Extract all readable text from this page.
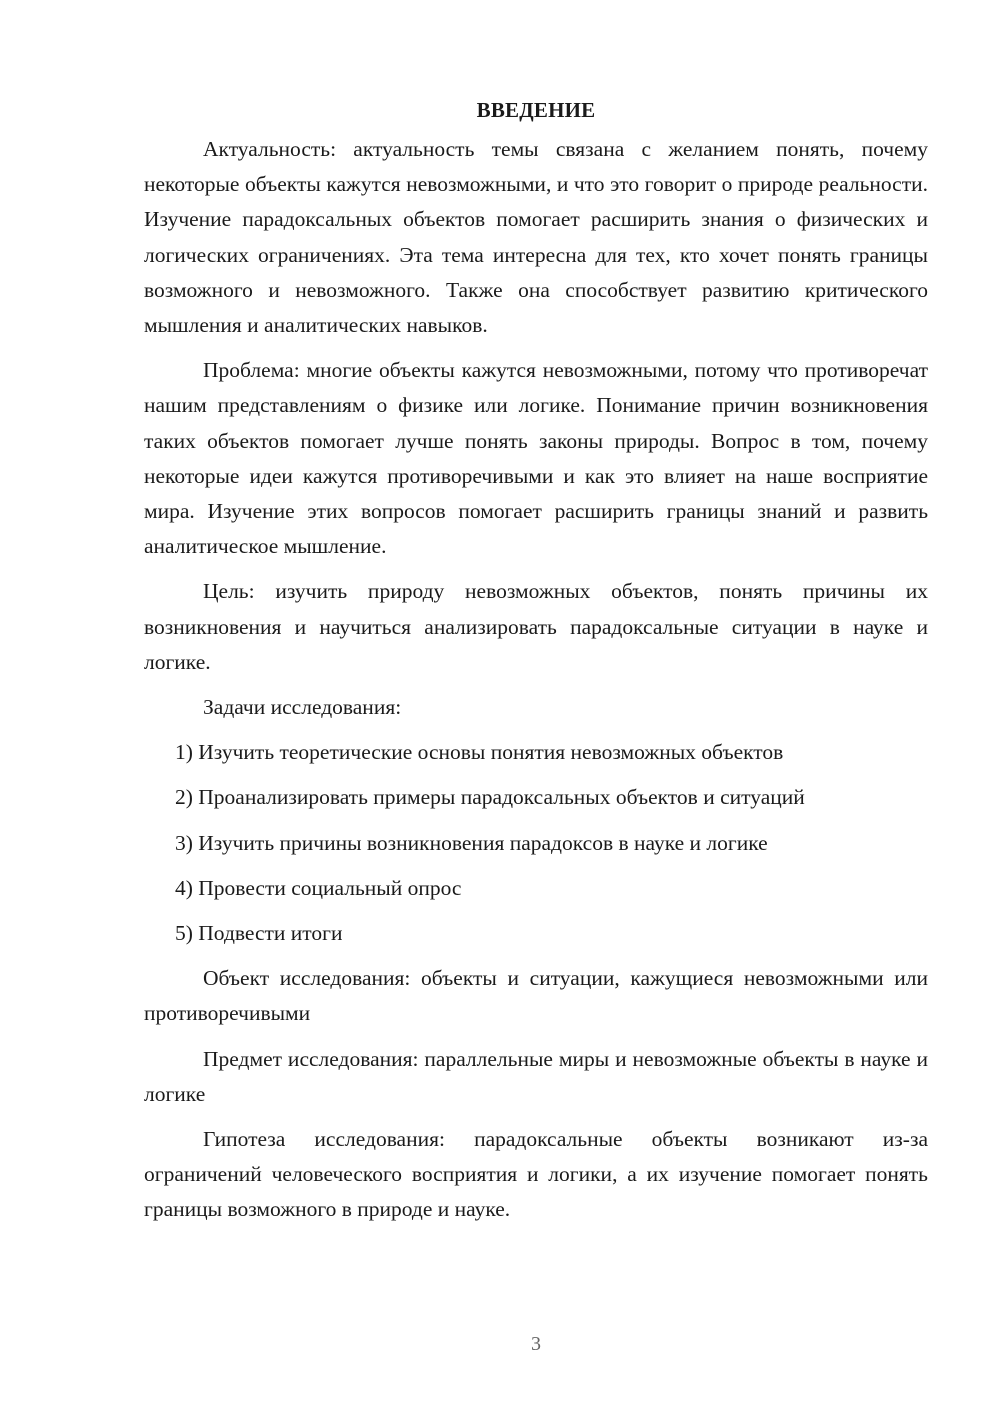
ВВЕДЕНИЕ

Актуальность: актуальность темы связана с желанием понять, почему некоторые объекты кажутся невозможными, и что это говорит о природе реальности. Изучение парадоксальных объектов помогает расширить знания о физических и логических ограничениях. Эта тема интересна для тех, кто хочет понять границы возможного и невозможного. Также она способствует развитию критического мышления и аналитических навыков.

Проблема: многие объекты кажутся невозможными, потому что противоречат нашим представлениям о физике или логике. Понимание причин возникновения таких объектов помогает лучше понять законы природы. Вопрос в том, почему некоторые идеи кажутся противоречивыми и как это влияет на наше восприятие мира. Изучение этих вопросов помогает расширить границы знаний и развить аналитическое мышление.

Цель: изучить природу невозможных объектов, понять причины их возникновения и научиться анализировать парадоксальные ситуации в науке и логике.

Задачи исследования:
1) Изучить теоретические основы понятия невозможных объектов
2) Проанализировать примеры парадоксальных объектов и ситуаций
3) Изучить причины возникновения парадоксов в науке и логике
4) Провести социальный опрос
5) Подвести итоги

Объект исследования: объекты и ситуации, кажущиеся невозможными или противоречивыми

Предмет исследования: параллельные миры и невозможные объекты в науке и логике

Гипотеза исследования: парадоксальные объекты возникают из-за ограничений человеческого восприятия и логики, а их изучение помогает понять границы возможного в природе и науке.

3
